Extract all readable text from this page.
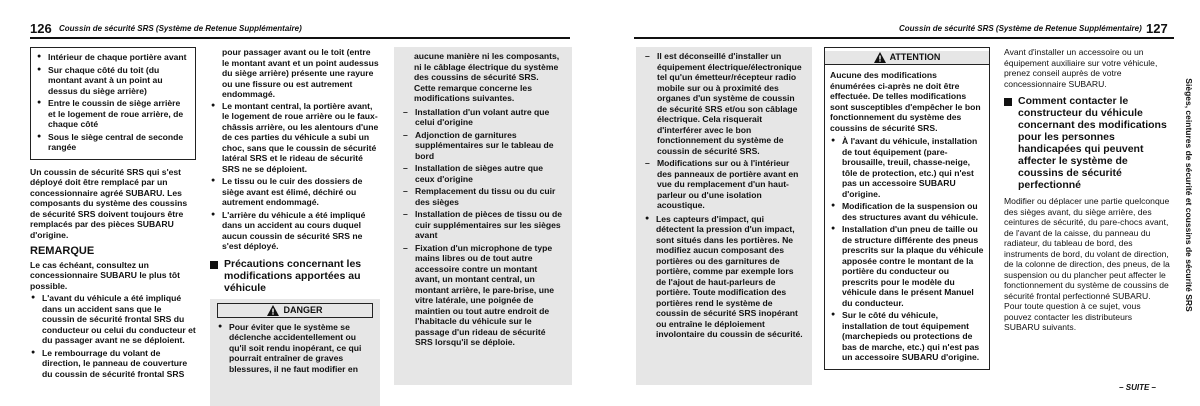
126 Coussin de sécurité SRS (Système de Retenue Supplémentaire)	Coussin de sécurité SRS (Système de Retenue Supplémentaire) 127
● Intérieur de chaque portière avant
● Sur chaque côté du toit (du montant avant à un point au dessus du siège arrière)
● Entre le coussin de siège arrière et le logement de roue arrière, de chaque côté
● Sous le siège central de seconde rangée
Un coussin de sécurité SRS qui s'est déployé doit être remplacé par un concessionnaire agréé SUBARU. Les composants du système des coussins de sécurité SRS doivent toujours être remplacés par des pièces SUBARU d'origine.
REMARQUE
Le cas échéant, consultez un concessionnaire SUBARU le plus tôt possible.
● L'avant du véhicule a été impliqué dans un accident sans que le coussin de sécurité frontal SRS du conducteur ou celui du conducteur et du passager avant ne se déploient.
● Le rembourrage du volant de direction, le panneau de couverture du coussin de sécurité frontal SRS
pour passager avant ou le toit (entre le montant avant et un point audessus du siège arrière) présente une rayure ou une fissure ou est autrement endommagé.
● Le montant central, la portière avant, le logement de roue arrière ou le faux-châssis arrière, ou les alentours d'une de ces parties du véhicule a subi un choc, sans que le coussin de sécurité latéral SRS et le rideau de sécurité SRS ne se déploient.
● Le tissu ou le cuir des dossiers de siège avant est élimé, déchiré ou autrement endommagé.
● L'arrière du véhicule a été impliqué dans un accident au cours duquel aucun coussin de sécurité SRS ne s'est déployé.
Précautions concernant les modifications apportées au véhicule
DANGER
● Pour éviter que le système se déclenche accidentellement ou qu'il soit rendu inopérant, ce qui pourrait entraîner de graves blessures, il ne faut modifier en
aucune manière ni les composants, ni le câblage électrique du système des coussins de sécurité SRS.
Cette remarque concerne les modifications suivantes.
– Installation d'un volant autre que celui d'origine
– Adjonction de garnitures supplémentaires sur le tableau de bord
– Installation de sièges autre que ceux d'origine
– Remplacement du tissu ou du cuir des sièges
– Installation de pièces de tissu ou de cuir supplémentaires sur les sièges avant
– Fixation d'un microphone de type mains libres ou de tout autre accessoire contre un montant avant, un montant central, un montant arrière, le pare-brise, une vitre latérale, une poignée de maintien ou tout autre endroit de l'habitacle du véhicule sur le passage d'un rideau de sécurité SRS lorsqu'il se déploie.
– Il est déconseillé d'installer un équipement électrique/électronique tel qu'un émetteur/récepteur radio mobile sur ou à proximité des organes d'un système de coussin de sécurité SRS et/ou son câblage électrique. Cela risquerait d'interférer avec le bon fonctionnement du système de coussin de sécurité SRS.
– Modifications sur ou à l'intérieur des panneaux de portière avant en vue du remplacement d'un haut-parleur ou d'une isolation acoustique.
● Les capteurs d'impact, qui détectent la pression d'un impact, sont situés dans les portières. Ne modifiez aucun composant des portières ou des garnitures de portière, comme par exemple lors de l'ajout de haut-parleurs de portière. Toute modification des portières rend le système de coussin de sécurité SRS inopérant ou entraîne le déploiement involontaire du coussin de sécurité.
ATTENTION
Aucune des modifications énumérées ci-après ne doit être effectuée. De telles modifications sont susceptibles d'empêcher le bon fonctionnement du système des coussins de sécurité SRS.
● À l'avant du véhicule, installation de tout équipement (pare-brousaille, treuil, chasse-neige, tôle de protection, etc.) qui n'est pas un accessoire SUBARU d'origine.
● Modification de la suspension ou des structures avant du véhicule.
● Installation d'un pneu de taille ou de structure différente des pneus prescrits sur la plaque du véhicule apposée contre le montant de la portière du conducteur ou prescrits pour le modèle du véhicule dans le présent Manuel du conducteur.
● Sur le côté du véhicule, installation de tout équipement (marchepieds ou protections de bas de marche, etc.) qui n'est pas un accessoire SUBARU d'origine.
Avant d'installer un accessoire ou un équipement auxiliaire sur votre véhicule, prenez conseil auprès de votre concessionnaire SUBARU.
Comment contacter le constructeur du véhicule concernant des modifications pour les personnes handicapées qui peuvent affecter le système de coussins de sécurité perfectionné
Modifier ou déplacer une partie quelconque des sièges avant, du siège arrière, des ceintures de sécurité, du pare-chocs avant, de l'avant de la caisse, du panneau du radiateur, du tableau de bord, des instruments de bord, du volant de direction, de la colonne de direction, des pneus, de la suspension ou du plancher peut affecter le fonctionnement du système de coussins de sécurité frontal perfectionné SUBARU. Pour toute question à ce sujet, vous pouvez contacter les distributeurs SUBARU suivants.
– SUITE –
Sièges, ceintures de sécurité et coussins de sécurité SRS
